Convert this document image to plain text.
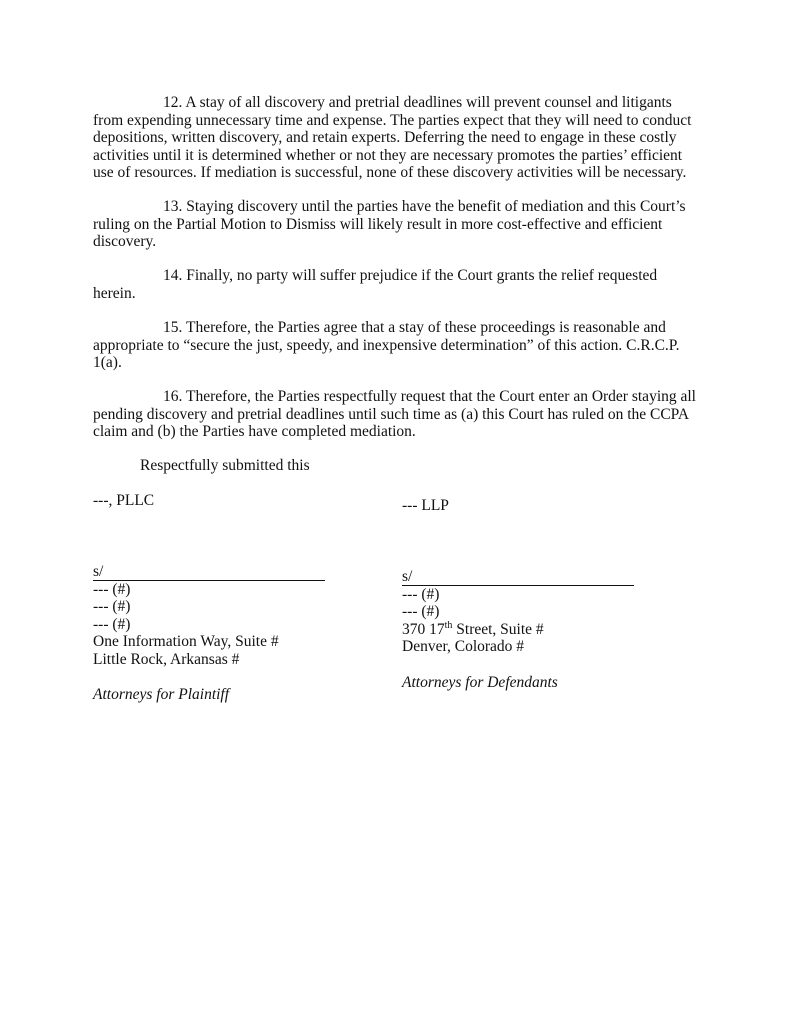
12. A stay of all discovery and pretrial deadlines will prevent counsel and litigants from expending unnecessary time and expense. The parties expect that they will need to conduct depositions, written discovery, and retain experts. Deferring the need to engage in these costly activities until it is determined whether or not they are necessary promotes the parties’ efficient use of resources. If mediation is successful, none of these discovery activities will be necessary.

13. Staying discovery until the parties have the benefit of mediation and this Court’s ruling on the Partial Motion to Dismiss will likely result in more cost-effective and efficient discovery.

14. Finally, no party will suffer prejudice if the Court grants the relief requested herein.

15. Therefore, the Parties agree that a stay of these proceedings is reasonable and appropriate to “secure the just, speedy, and inexpensive determination” of this action. C.R.C.P. 1(a).

16. Therefore, the Parties respectfully request that the Court enter an Order staying all pending discovery and pretrial deadlines until such time as (a) this Court has ruled on the CCPA claim and (b) the Parties have completed mediation.

Respectfully submitted this

---, PLLC
s/
--- (#)
--- (#)
--- (#)
One Information Way, Suite #
Little Rock, Arkansas #
Attorneys for Plaintiff
--- LLP
s/
--- (#)
--- (#)
370 17th Street, Suite #
Denver, Colorado #
Attorneys for Defendants
